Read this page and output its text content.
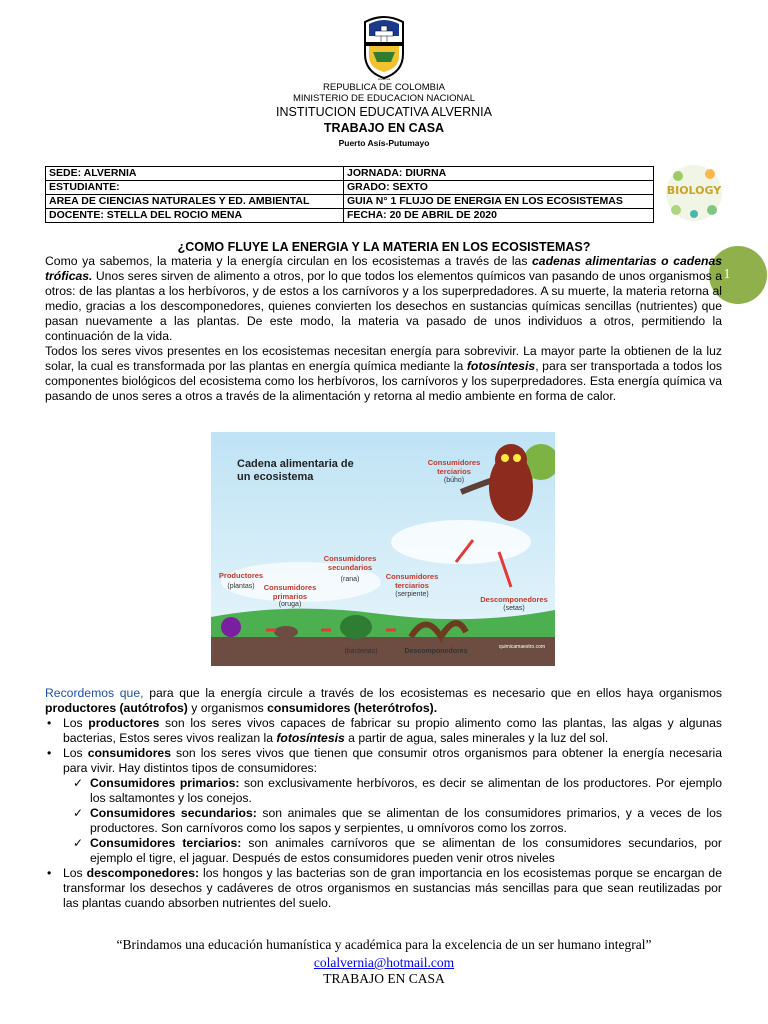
Alvernia
REPUBLICA DE COLOMBIA
MINISTERIO DE EDUCACION NACIONAL
INSTITUCION EDUCATIVA ALVERNIA
TRABAJO EN CASA
Puerto Asís-Putumayo
SEDE: ALVERNIA	JORNADA: DIURNA
ESTUDIANTE:	GRADO: SEXTO
AREA DE CIENCIAS NATURALES Y ED. AMBIENTAL	GUIA N° 1 FLUJO DE ENERGIA EN LOS ECOSISTEMAS
DOCENTE: STELLA DEL ROCIO MENA	FECHA: 20 DE ABRIL DE 2020
BIOLOGY
1
¿COMO FLUYE LA ENERGIA Y LA MATERIA EN LOS ECOSISTEMAS?
Como ya sabemos, la materia y la energía circulan en los ecosistemas a través de las cadenas alimentarias o cadenas tróficas. Unos seres sirven de alimento a otros, por lo que todos los elementos químicos van pasando de unos organismos a otros: de las plantas a los herbívoros, y de estos a los carnívoros y a los superpredadores. A su muerte, la materia retorna al medio, gracias a los descomponedores, quienes convierten los desechos en sustancias químicas sencillas (nutrientes) que pasan nuevamente a las plantas. De este modo, la materia va pasado de unos individuos a otros, permitiendo la continuación de la vida.
Todos los seres vivos presentes en los ecosistemas necesitan energía para sobrevivir. La mayor parte la obtienen de la luz solar, la cual es transformada por las plantas en energía química mediante la fotosíntesis, para ser transportada a todos los componentes biológicos del ecosistema como los herbívoros, los carnívoros y los superpredadores. Esta energía química va pasando de unos seres a otros a través de la alimentación y retorna al medio ambiente en forma de calor.
Cadena alimentaria de un ecosistema
Productores
(plantas)	Consumidores primarios
(oruga)
Consumidores secundarios
(rana)	Consumidores terciarios
(serpiente)
Consumidores terciarios
(búho)
Descomponedores
(setas)
(bacterias)	Descomponedores
quimicamaestro.com
Recordemos que, para que la energía circule a través de los ecosistemas es necesario que en ellos haya organismos productores (autótrofos) y organismos consumidores (heterótrofos).
• Los productores son los seres vivos capaces de fabricar su propio alimento como las plantas, las algas y algunas bacterias, Estos seres vivos realizan la fotosíntesis a partir de agua, sales minerales y la luz del sol.
• Los consumidores son los seres vivos que tienen que consumir otros organismos para obtener la energía necesaria para vivir. Hay distintos tipos de consumidores:
✓ Consumidores primarios: son exclusivamente herbívoros, es decir se alimentan de los productores. Por ejemplo los saltamontes y los conejos.
✓ Consumidores secundarios: son animales que se alimentan de los consumidores primarios, y a veces de los productores. Son carnívoros como los sapos y serpientes, u omnívoros como los zorros.
✓ Consumidores terciarios: son animales carnívoros que se alimentan de los consumidores secundarios, por ejemplo el tigre, el jaguar. Después de estos consumidores pueden venir otros niveles
• Los descomponedores: los hongos y las bacterias son de gran importancia en los ecosistemas porque se encargan de transformar los desechos y cadáveres de otros organismos en sustancias más sencillas para que sean reutilizadas por las plantas cuando absorben nutrientes del suelo.
“Brindamos una educación humanística y académica para la excelencia de un ser humano integral”
colalvernia@hotmail.com
TRABAJO EN CASA
